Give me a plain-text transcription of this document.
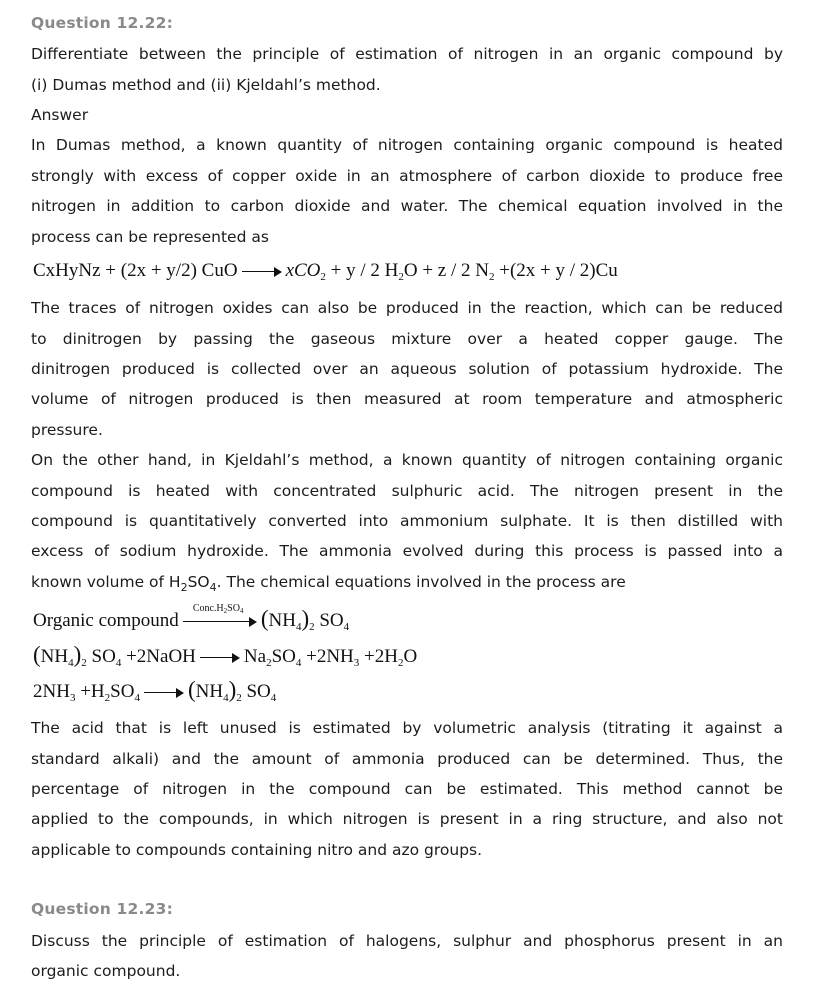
Question 12.22:
Differentiate between the principle of estimation of nitrogen in an organic compound by
(i) Dumas method and (ii) Kjeldahl’s method.
Answer
In Dumas method, a known quantity of nitrogen containing organic compound is heated
strongly with excess of copper oxide in an atmosphere of carbon dioxide to produce free
nitrogen in addition to carbon dioxide and water. The chemical equation involved in the
process can be represented as
CxHyNz + (2x + y/2) CuO	xCO$_2$ + y / 2 $H_2O + z / 2$ $N_2 +(2x + y / 2)Cu$
The traces of nitrogen oxides can also be produced in the reaction, which can be reduced
to dinitrogen by passing the gaseous mixture over a heated copper gauge. The
dinitrogen produced is collected over an aqueous solution of potassium hydroxide. The
volume of nitrogen produced is then measured at room temperature and atmospheric
pressure.
On the other hand, in Kjeldahl’s method, a known quantity of nitrogen containing organic
compound is heated with concentrated sulphuric acid. The nitrogen present in the
compound is quantitatively converted into ammonium sulphate. It is then distilled with
excess of sodium hydroxide. The ammonia evolved during this process is passed into a
known volume of $H_2SO_4$. The chemical equations involved in the process are
Organic compound
$Conc.H_2SO_4$ $(NH_4)_2$ $SO_4$
$(NH_4)_2$ $SO_4$ +2NaOH	$Na_2SO_4 +2NH_3 +2H_2O$
$2NH_3 +H_2SO_4$ $(NH_4)_2$ $SO_4$
The acid that is left unused is estimated by volumetric analysis (titrating it against a
standard alkali) and the amount of ammonia produced can be determined. Thus, the
percentage of nitrogen in the compound can be estimated. This method cannot be
applied to the compounds, in which nitrogen is present in a ring structure, and also not
applicable to compounds containing nitro and azo groups.
Question 12.23:
Discuss the principle of estimation of halogens, sulphur and phosphorus present in an
organic compound.
